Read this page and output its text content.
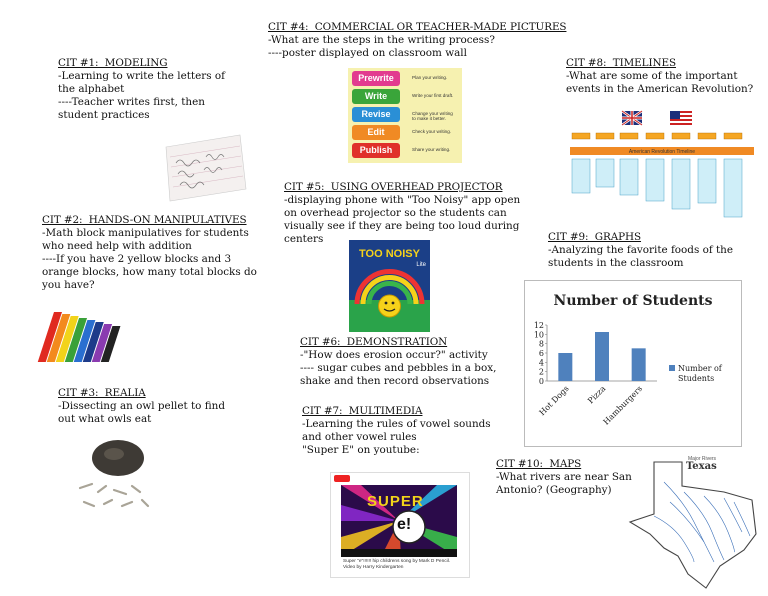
CIT #1:  MODELING
-Learning to write the letters of the alphabet
----Teacher writes first, then student practices
CIT #2:  HANDS-ON MANIPULATIVES
-Math block manipulatives for students who need help with addition
----If you have 2 yellow blocks and 3 orange blocks, how many total blocks do you have?
CIT #3:  REALIA
-Dissecting an owl pellet to find out what owls eat
CIT #4:  COMMERCIAL OR TEACHER-MADE PICTURES
-What are the steps in the writing process?
----poster displayed on classroom wall
Prewrite	Plan your writing.
Write	Write your first draft.
Revise	Change your writing to make it better.
Edit	Check your writing.
Publish	Share your writing.
CIT #5:  USING OVERHEAD PROJECTOR
-displaying phone with "Too Noisy" app open on overhead projector so the students can visually see if they are being too loud during centers
TOO NOISY
Lite
CIT #6:  DEMONSTRATION
-"How does erosion occur?" activity
---- sugar cubes and pebbles in a box, shake and then record observations
CIT #7:  MULTIMEDIA
-Learning the rules of vowel sounds and other vowel rules
"Super E" on youtube:
SUPER
e!
Super "e"!!!!!! hip childrens song by Mark D Pencil. Video by Harry Kindergarten
CIT #8:  TIMELINES
-What are some of the important events in the American Revolution?
American Revolution Timeline
CIT #9:  GRAPHS
-Analyzing the favorite foods of the students in the classroom
Number of Students
0
2
4
6
8
10
12
Hot Dogs Pizza
Hamburgers
Number of Students
CIT #10:  MAPS
-What rivers are near San Antonio? (Geography)
Major Rivers
Texas
